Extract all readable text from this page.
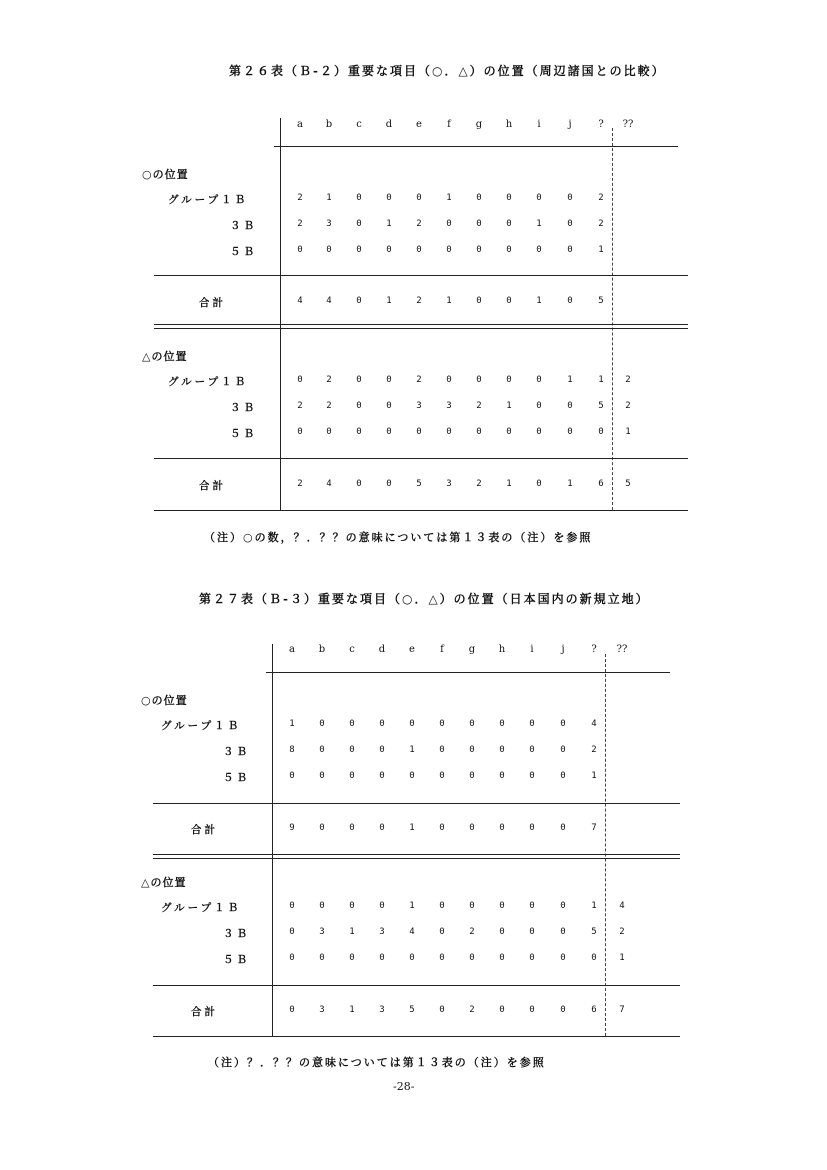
第２６表（Ｂ-２）重要な項目（○．△）の位置（周辺諸国との比較）
a	b	c	d	e	f	g	h	i	j	?	??
○の位置
グループ１Ｂ	2	1	0	0	0	1	0	0	0	0	2
３Ｂ	2	3	0	1	2	0	0	0	1	0	2
５Ｂ	0	0	0	0	0	0	0	0	0	0	1
合計	4	4	0	1	2	1	0	0	1	0	5
△の位置
グループ１Ｂ	0	2	0	0	2	0	0	0	0	1	1	2
３Ｂ	2	2	0	0	3	3	2	1	0	0	5	2
５Ｂ	0	0	0	0	0	0	0	0	0	0	0	1
合計	2	4	0	0	5	3	2	1	0	1	6	5
（注）○の数，？．？？の意味については第１３表の（注）を参照
第２７表（Ｂ-３）重要な項目（○．△）の位置（日本国内の新規立地）
a	b	c	d	e	f	g	h	i	j	?	??
○の位置
グループ１Ｂ	1	0	0	0	0	0	0	0	0	0	4
３Ｂ	8	0	0	0	1	0	0	0	0	0	2
５Ｂ	0	0	0	0	0	0	0	0	0	0	1
合計	9	0	0	0	1	0	0	0	0	0	7
△の位置
グループ１Ｂ	0	0	0	0	1	0	0	0	0	0	1	4
３Ｂ	0	3	1	3	4	0	2	0	0	0	5	2
５Ｂ	0	0	0	0	0	0	0	0	0	0	0	1
合計	0	3	1	3	5	0	2	0	0	0	6	7
（注）？．？？の意味については第１３表の（注）を参照
-28-
